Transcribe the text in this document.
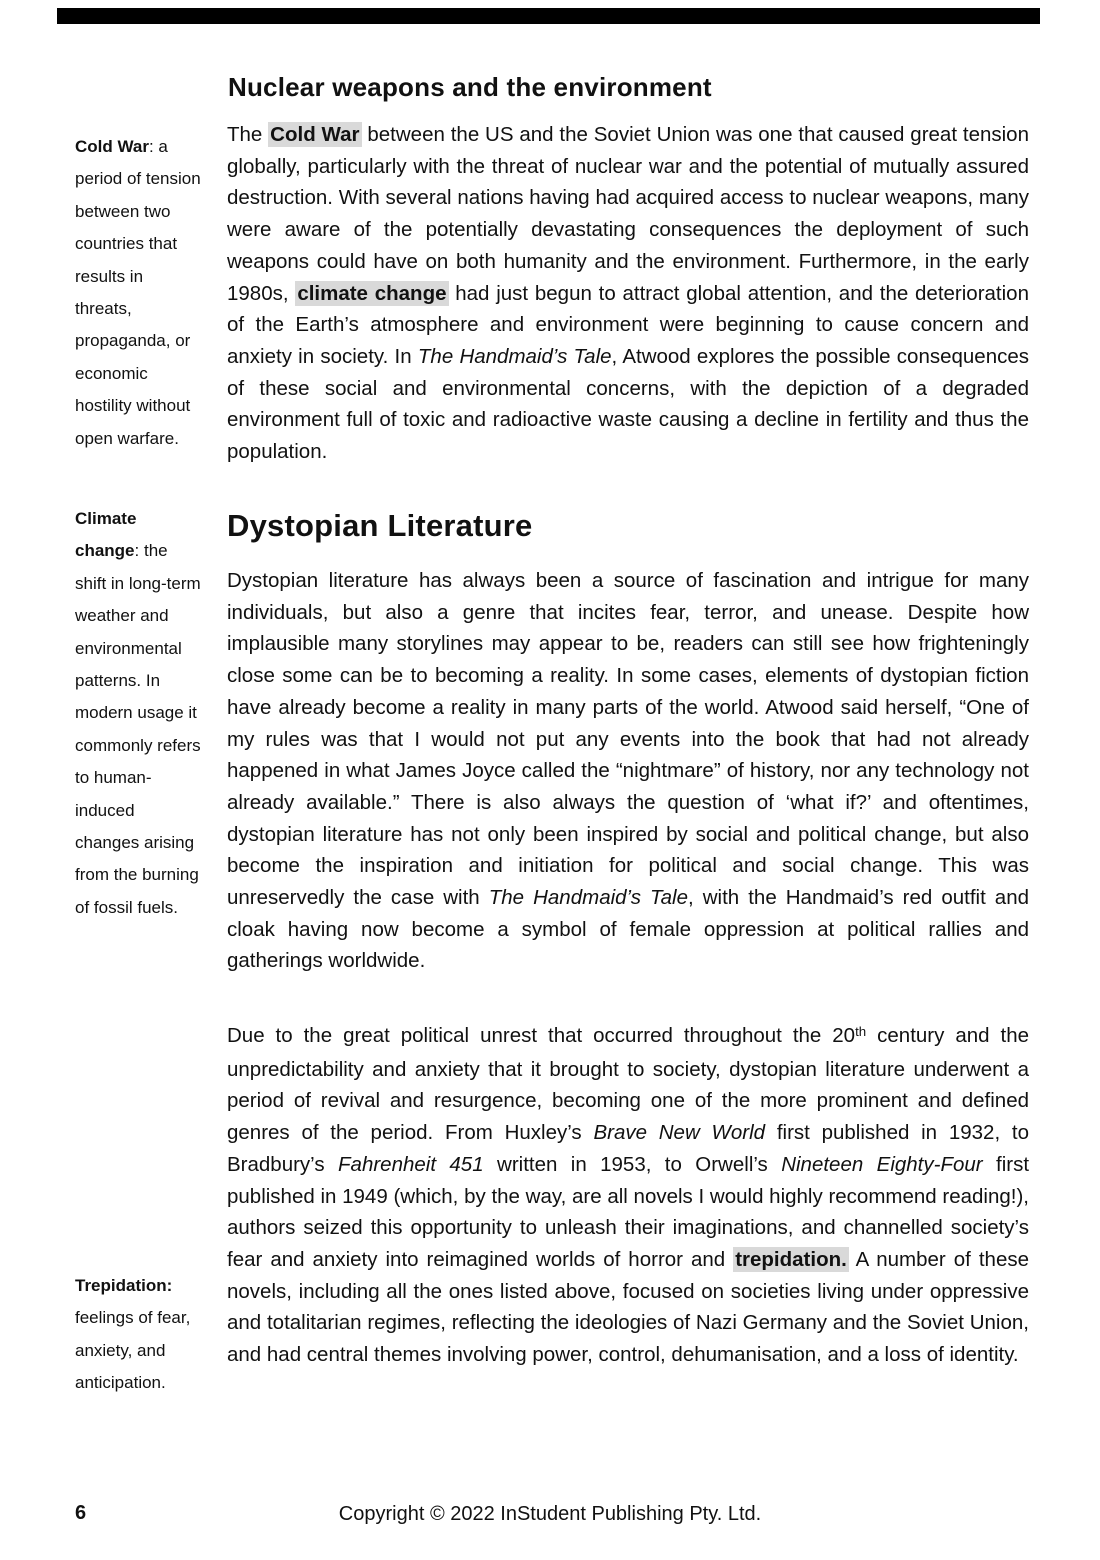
Nuclear weapons and the environment

Cold War: a period of tension between two countries that results in threats, propaganda, or economic hostility without open warfare.

Climate change: the shift in long-term weather and environmental patterns. In modern usage it commonly refers to human-induced changes arising from the burning of fossil fuels.

Trepidation: feelings of fear, anxiety, and anticipation.

The Cold War between the US and the Soviet Union was one that caused great tension globally, particularly with the threat of nuclear war and the potential of mutually assured destruction. With several nations having had acquired access to nuclear weapons, many were aware of the potentially devastating consequences the deployment of such weapons could have on both humanity and the environment. Furthermore, in the early 1980s, climate change had just begun to attract global attention, and the deterioration of the Earth’s atmosphere and environment were beginning to cause concern and anxiety in society. In The Handmaid’s Tale, Atwood explores the possible consequences of these social and environmental concerns, with the depiction of a degraded environment full of toxic and radioactive waste causing a decline in fertility and thus the population.

Dystopian Literature

Dystopian literature has always been a source of fascination and intrigue for many individuals, but also a genre that incites fear, terror, and unease. Despite how implausible many storylines may appear to be, readers can still see how frighteningly close some can be to becoming a reality. In some cases, elements of dystopian fiction have already become a reality in many parts of the world. Atwood said herself, “One of my rules was that I would not put any events into the book that had not already happened in what James Joyce called the “nightmare” of history, nor any technology not already available.” There is also always the question of ‘what if?’ and oftentimes, dystopian literature has not only been inspired by social and political change, but also become the inspiration and initiation for political and social change. This was unreservedly the case with The Handmaid’s Tale, with the Handmaid’s red outfit and cloak having now become a symbol of female oppression at political rallies and gatherings worldwide.

Due to the great political unrest that occurred throughout the 20th century and the unpredictability and anxiety that it brought to society, dystopian literature underwent a period of revival and resurgence, becoming one of the more prominent and defined genres of the period. From Huxley’s Brave New World first published in 1932, to Bradbury’s Fahrenheit 451 written in 1953, to Orwell’s Nineteen Eighty-Four first published in 1949 (which, by the way, are all novels I would highly recommend reading!), authors seized this opportunity to unleash their imaginations, and channelled society’s fear and anxiety into reimagined worlds of horror and trepidation. A number of these novels, including all the ones listed above, focused on societies living under oppressive and totalitarian regimes, reflecting the ideologies of Nazi Germany and the Soviet Union, and had central themes involving power, control, dehumanisation, and a loss of identity.

6	Copyright © 2022 InStudent Publishing Pty. Ltd.
